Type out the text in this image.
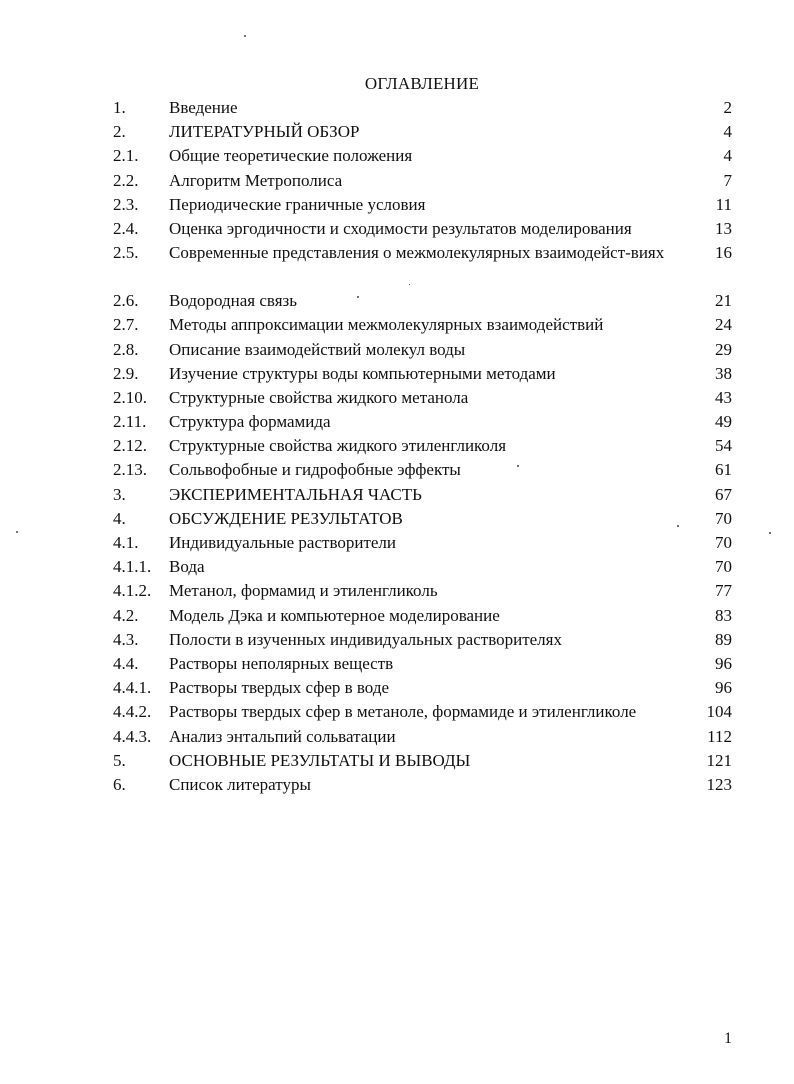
ОГЛАВЛЕНИЕ
1.	Введение	2
2.	ЛИТЕРАТУРНЫЙ ОБЗОР	4
2.1. Общие теоретические положения	4
2.2. Алгоритм Метрополиса	7
2.3. Периодические граничные условия	11
2.4. Оценка эргодичности и сходимости результатов моделирования	13
2.5. Современные представления о межмолекулярных взаимодейст-виях	16
2.6. Водородная связь	21
2.7. Методы аппроксимации межмолекулярных взаимодействий	24
2.8. Описание взаимодействий молекул воды	29
2.9. Изучение структуры воды компьютерными методами	38
2.10. Структурные свойства жидкого метанола	43
2.11. Структура формамида	49
2.12. Структурные свойства жидкого этиленгликоля	54
2.13. Сольвофобные и гидрофобные эффекты	61
3.	ЭКСПЕРИМЕНТАЛЬНАЯ ЧАСТЬ	67
4.	ОБСУЖДЕНИЕ РЕЗУЛЬТАТОВ	70
4.1. Индивидуальные растворители	70
4.1.1. Вода	70
4.1.2. Метанол, формамид и этиленгликоль	77
4.2. Модель Дэка и компьютерное моделирование	83
4.3. Полости в изученных индивидуальных растворителях	89
4.4. Растворы неполярных веществ	96
4.4.1. Растворы твердых сфер в воде	96
4.4.2. Растворы твердых сфер в метаноле, формамиде и этиленгликоле	104
4.4.3. Анализ энтальпий сольватации	112
5.	ОСНОВНЫЕ РЕЗУЛЬТАТЫ И ВЫВОДЫ	121
6.	Список литературы	123
1
